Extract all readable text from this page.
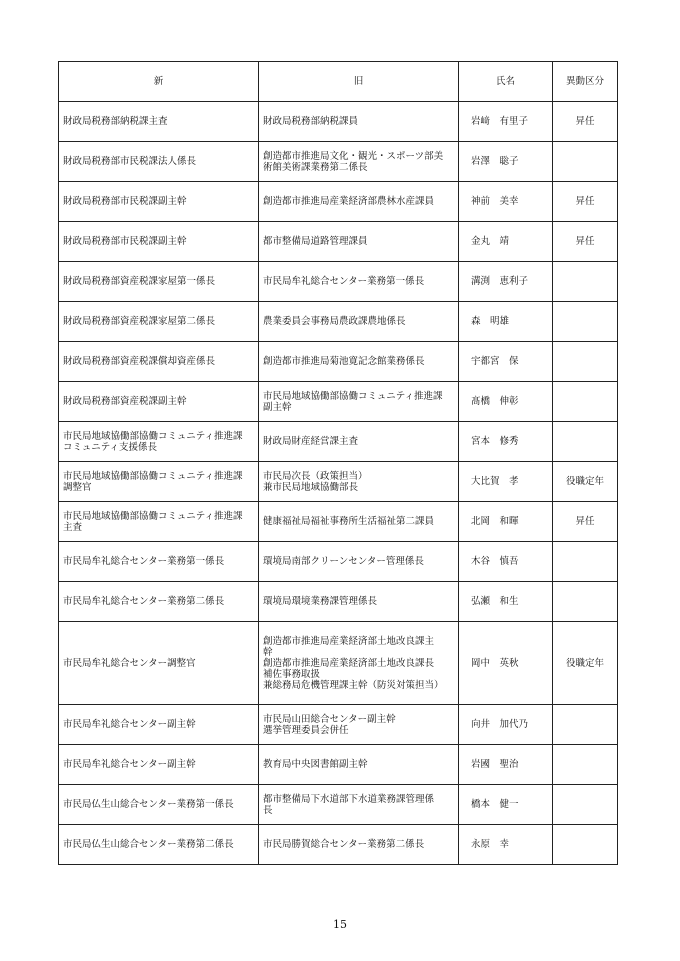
新	旧	氏名	異動区分

財政局税務部納税課主査	財政局税務部納税課員	岩﨑　有里子	昇任

財政局税務部市民税課法人係長	創造都市推進局文化・観光・スポーツ部美
術館美術課業務第二係長	岩澤　聡子	

財政局税務部市民税課副主幹	創造都市推進局産業経済部農林水産課員	神前　美幸	昇任

財政局税務部市民税課副主幹	都市整備局道路管理課員	金丸　靖	昇任

財政局税務部資産税課家屋第一係長	市民局牟礼総合センター業務第一係長	溝渕　恵利子	

財政局税務部資産税課家屋第二係長	農業委員会事務局農政課農地係長	森　明雄	

財政局税務部資産税課償却資産係長	創造都市推進局菊池寛記念館業務係長	宇都宮　保	

財政局税務部資産税課副主幹	市民局地域協働部協働コミュニティ推進課
副主幹	髙橋　伸彰	

市民局地域協働部協働コミュニティ推進課
コミュニティ支援係長	財政局財産経営課主査	宮本　修秀	

市民局地域協働部協働コミュニティ推進課
調整官	市民局次長（政策担当）
兼市民局地域協働部長	大比賀　孝	役職定年

市民局地域協働部協働コミュニティ推進課
主査	健康福祉局福祉事務所生活福祉第二課員	北岡　和暉	昇任

市民局牟礼総合センター業務第一係長	環境局南部クリーンセンター管理係長	木谷　慎吾	

市民局牟礼総合センター業務第二係長	環境局環境業務課管理係長	弘瀬　和生	

市民局牟礼総合センター調整官	創造都市推進局産業経済部土地改良課主
幹
創造都市推進局産業経済部土地改良課長
補佐事務取扱
兼総務局危機管理課主幹（防災対策担当）	岡中　英秋	役職定年

市民局牟礼総合センター副主幹	市民局山田総合センター副主幹
選挙管理委員会併任	向井　加代乃	

市民局牟礼総合センター副主幹	教育局中央図書館副主幹	岩國　聖治	

市民局仏生山総合センター業務第一係長	都市整備局下水道部下水道業務課管理係
長	橋本　健一	

市民局仏生山総合センター業務第二係長	市民局勝賀総合センター業務第二係長	永原　幸	
15
